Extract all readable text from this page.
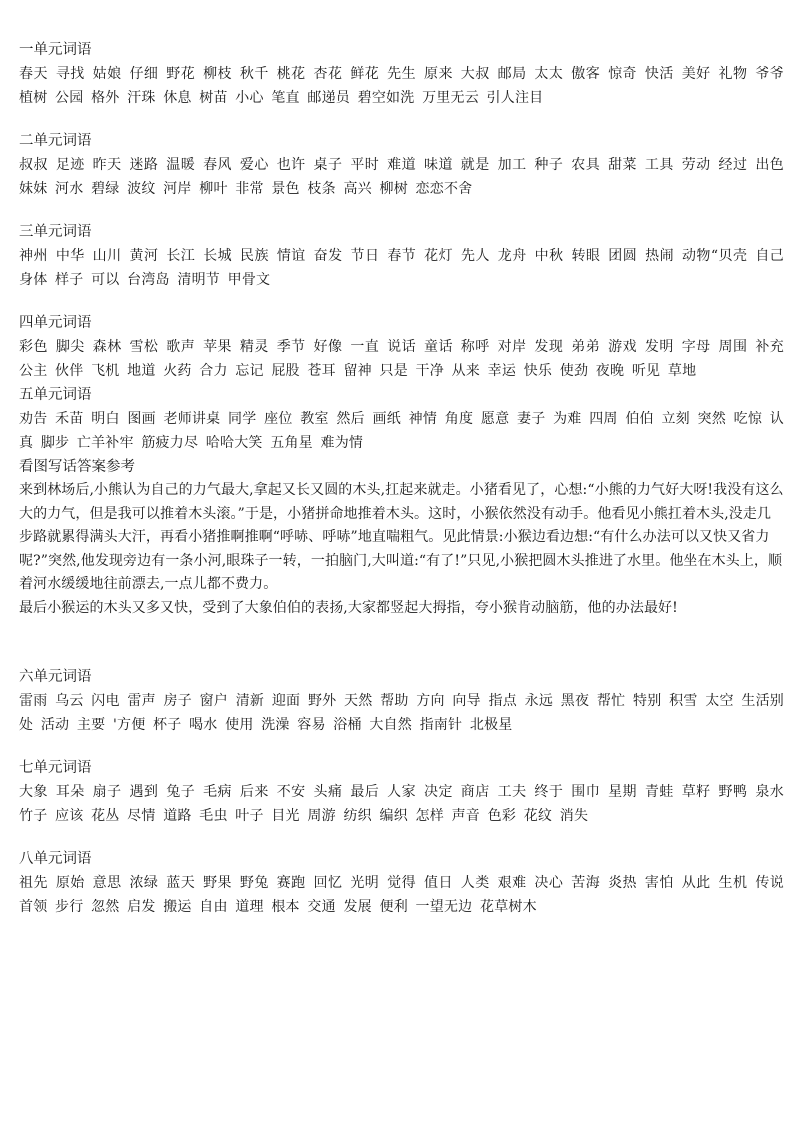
一单元词语
春天 寻找 姑娘 仔细 野花 柳枝 秋千 桃花 杏花 鲜花 先生 原来 大叔 邮局 太太 傲客 惊奇 快活 美好 礼物 爷爷 植树 公园 格外 汗珠 休息 树苗 小心 笔直 邮递员 碧空如洗 万里无云 引人注目
二单元词语
叔叔 足迹 昨天 迷路 温暖 春风 爱心 也许 桌子 平时 难道 味道 就是 加工 种子 农具 甜菜 工具 劳动 经过 出色 妹妹 河水 碧绿 波纹 河岸 柳叶 非常 景色 枝条 高兴 柳树 恋恋不舍
三单元词语
神州 中华 山川 黄河 长江 长城 民族 情谊 奋发 节日 春节 花灯 先人 龙舟 中秋 转眼 团圆 热闹 动物“贝壳 自己 身体 样子 可以 台湾岛 清明节 甲骨文
四单元词语
彩色 脚尖 森林 雪松 歌声 苹果 精灵 季节 好像 一直 说话 童话 称呼 对岸 发现 弟弟 游戏 发明 字母 周围 补充 公主 伙伴 飞机 地道 火药 合力 忘记 屁股 苍耳 留神 只是 干净 从来 幸运 快乐 使劲 夜晚 听见 草地
五单元词语
劝告 禾苗 明白 图画 老师讲桌 同学 座位 教室 然后 画纸 神情 角度 愿意 妻子 为难 四周 伯伯 立刻 突然 吃惊 认真 脚步 亡羊补牢 筋疲力尽 哈哈大笑 五角星 难为情
看图写话答案参考

来到林场后,小熊认为自己的力气最大,拿起又长又圆的木头,扛起来就走。小猪看见了，心想:“小熊的力气好大呀!我没有这么大的力气，但是我可以推着木头滚。”于是，小猪拼命地推着木头。这时，小猴依然没有动手。他看见小熊扛着木头,没走几步路就累得满头大汗，再看小猪推啊推啊“呼哧、呼哧”地直喘粗气。见此情景:小猴边看边想:“有什么办法可以又快又省力呢?”突然,他发现旁边有一条小河,眼珠子一转，一拍脑门,大叫道:“有了!”只见,小猴把圆木头推进了水里。他坐在木头上，顺着河水缓缓地往前漂去,一点儿都不费力。

最后小猴运的木头又多又快，受到了大象伯伯的表扬,大家都竖起大拇指，夸小猴肯动脑筋，他的办法最好!

六单元词语
雷雨 乌云 闪电 雷声 房子 窗户 清新 迎面 野外 天然 帮助 方向 向导 指点 永远 黑夜 帮忙 特别 积雪 太空 生活别处 活动 主要 '方便 杯子 喝水 使用 洗澡 容易 浴桶 大自然 指南针 北极星
七单元词语
大象 耳朵 扇子 遇到 兔子 毛病 后来 不安 头痛 最后 人家 决定 商店 工夫 终于 围巾 星期 青蛙 草籽 野鸭 泉水 竹子 应该 花丛 尽情 道路 毛虫 叶子 目光 周游 纺织 编织 怎样 声音 色彩 花纹 消失
八单元词语
祖先 原始 意思 浓绿 蓝天 野果 野兔 赛跑 回忆 光明 觉得 值日 人类 艰难 决心 苦海 炎热 害怕 从此 生机 传说 首领 步行 忽然 启发 搬运 自由 道理 根本 交通 发展 便利 一望无边 花草树木
